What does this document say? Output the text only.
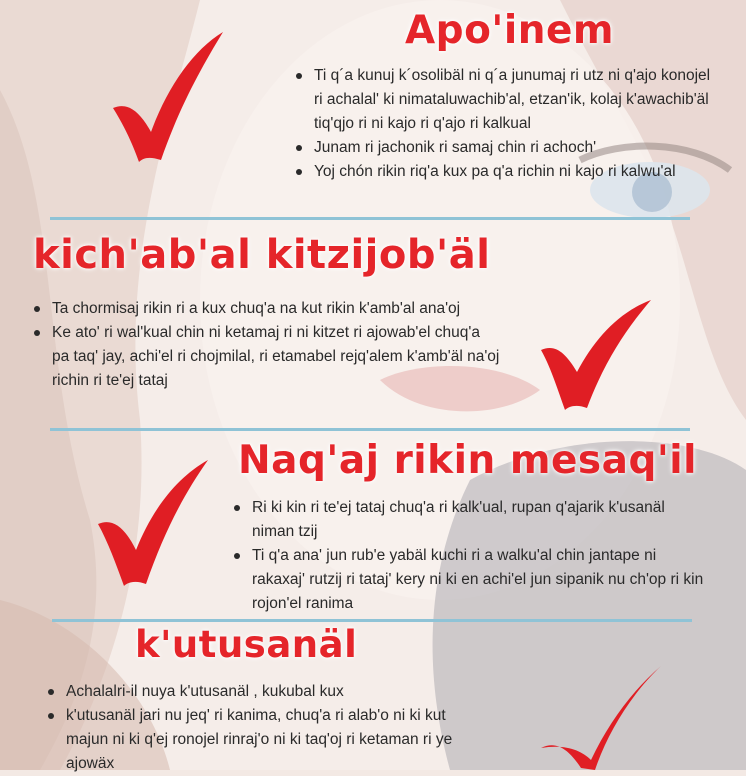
Apo'inem
Ti q´a kunuj k´osolibäl ni q´a junumaj ri utz ni q'ajo konojel ri achalal' ki nimataluwachib'al, etzan'ik, kolaj k'awachib'äl tiq'qjo ri ni kajo ri q'ajo ri kalkual
Junam ri jachonik ri samaj chin ri achoch'
Yoj chón rikin riq'a kux pa q'a richin ni kajo ri kalwu'al
kich'ab'al kitzijob'äl
Ta chormisaj rikin ri a kux chuq'a na kut rikin k'amb'al ana'oj
Ke ato' ri wal'kual chin ni ketamaj ri ni kitzet ri ajowab'el chuq'a pa taq' jay, achi'el ri chojmilal, ri etamabel rejq'alem k'amb'äl na'oj richin ri te'ej tataj
Naq'aj rikin mesaq'il
Ri ki kin ri te'ej tataj chuq'a ri kalk'ual, rupan q'ajarik k'usanäl niman tzij
Ti q'a ana' jun rub'e yabäl kuchi ri a walku'al chin jantape ni rakaxaj' rutzij ri tataj' kery ni ki en achi'el jun sipanik nu ch'op ri kin rojon'el ranima
k'utusanäl
Achalalri-il nuya k'utusanäl , kukubal kux
k'utusanäl jari nu jeq' ri kanima, chuq'a ri alab'o ni ki kut majun ni ki q'ej ronojel rinraj'o ni ki taq'oj ri ketaman ri ye ajowäx
